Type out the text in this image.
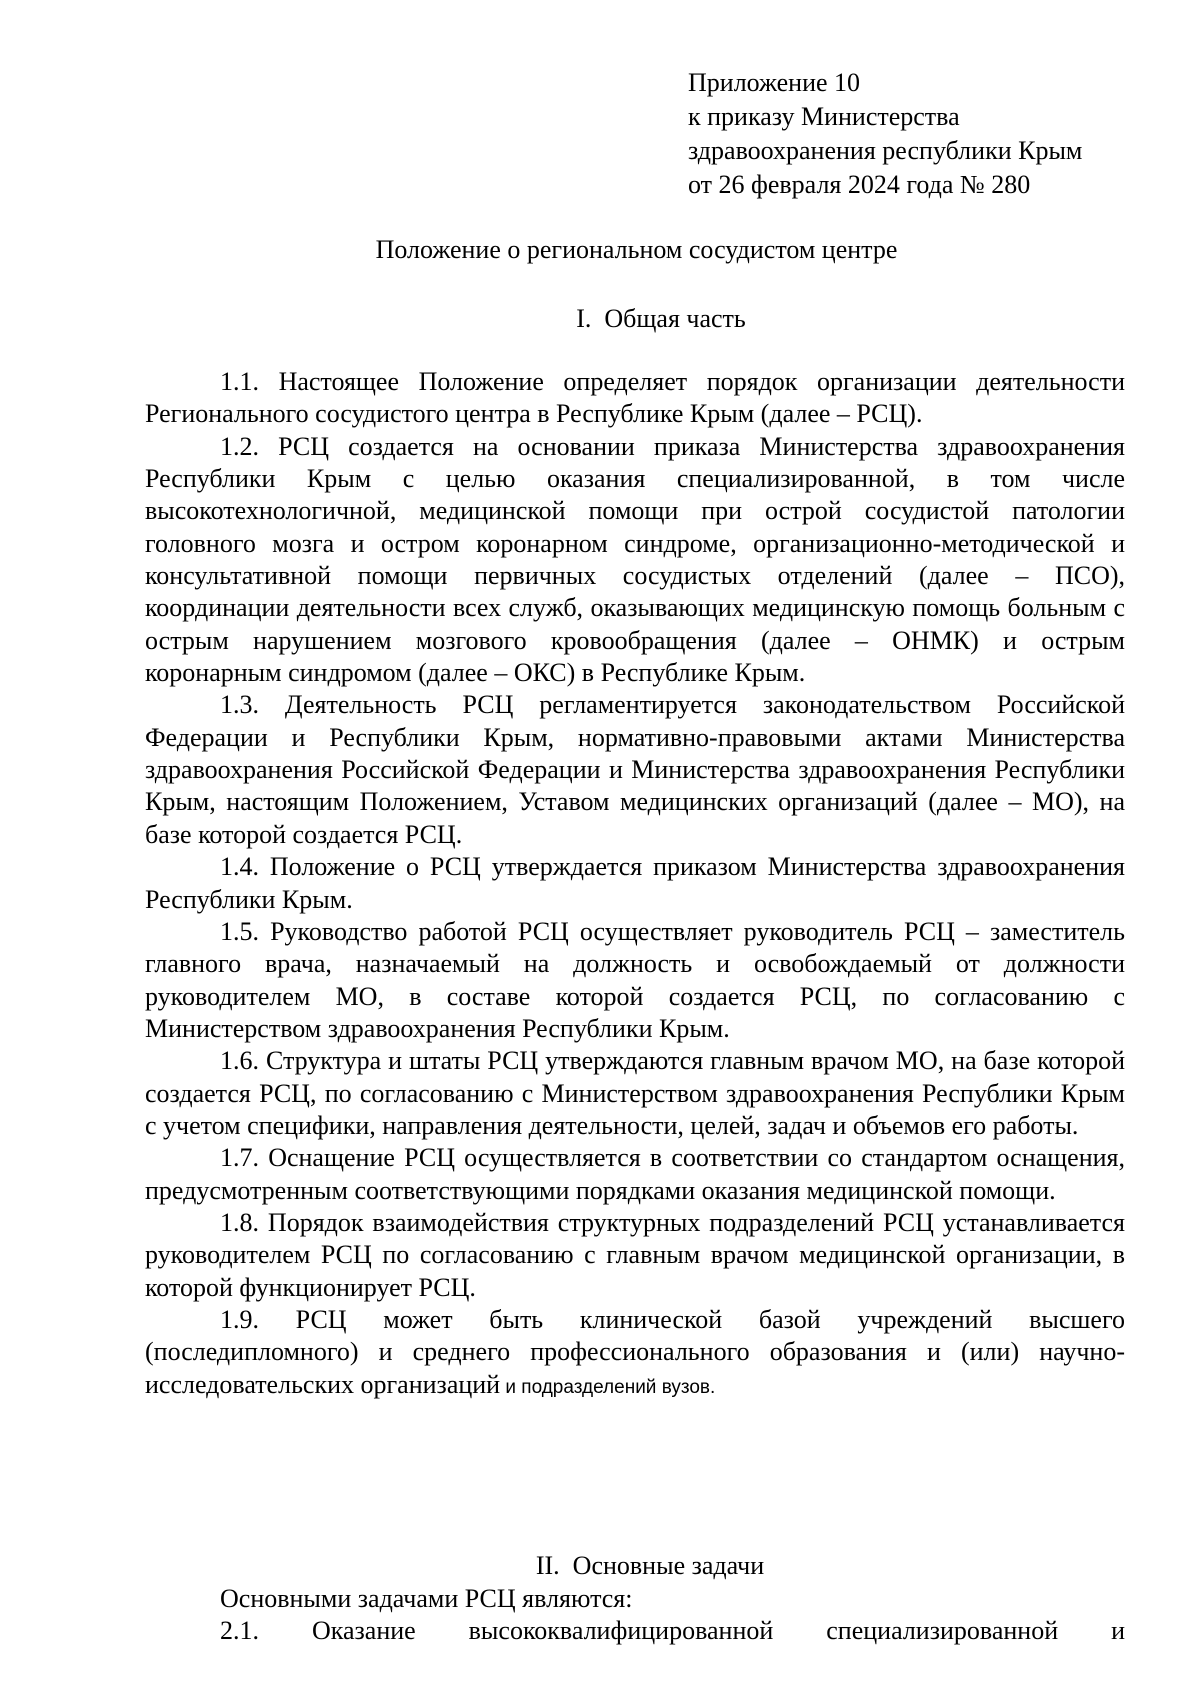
Приложение 10
к приказу Министерства
здравоохранения республики Крым
от 26 февраля 2024 года № 280
Положение о региональном сосудистом центре
I.  Общая часть

1.1. Настоящее Положение определяет порядок организации деятельности Регионального сосудистого центра в Республике Крым (далее – РСЦ).

1.2. РСЦ создается на основании приказа Министерства здравоохранения Республики Крым с целью оказания специализированной, в том числе высокотехнологичной, медицинской помощи при острой сосудистой патологии головного мозга и остром коронарном синдроме, организационно-методической и консультативной помощи первичных сосудистых отделений (далее – ПСО), координации деятельности всех служб, оказывающих медицинскую помощь больным с острым нарушением мозгового кровообращения (далее – ОНМК) и острым коронарным синдромом (далее – ОКС) в Республике Крым.

1.3. Деятельность РСЦ регламентируется законодательством Российской Федерации и Республики Крым, нормативно-правовыми актами Министерства здравоохранения Российской Федерации и Министерства здравоохранения Республики Крым, настоящим Положением, Уставом медицинских организаций (далее – МО), на базе которой создается РСЦ.

1.4. Положение о РСЦ утверждается приказом Министерства здравоохранения Республики Крым.

1.5. Руководство работой РСЦ осуществляет руководитель РСЦ – заместитель главного врача, назначаемый на должность и освобождаемый от должности руководителем МО, в составе которой создается РСЦ, по согласованию с Министерством здравоохранения Республики Крым.

1.6. Структура и штаты РСЦ утверждаются главным врачом МО, на базе которой создается РСЦ, по согласованию с Министерством здравоохранения Республики Крым с учетом специфики, направления деятельности, целей, задач и объемов его работы.

1.7. Оснащение РСЦ осуществляется в соответствии со стандартом оснащения, предусмотренным соответствующими порядками оказания медицинской помощи.

1.8. Порядок взаимодействия структурных подразделений РСЦ устанавливается руководителем РСЦ по согласованию с главным врачом медицинской организации, в которой функционирует РСЦ.

1.9. РСЦ может быть клинической базой учреждений высшего (последипломного) и среднего профессионального образования и (или) научно-исследовательских организаций и подразделений вузов.

II.  Основные задачи
Основными задачами РСЦ являются:

2.1. Оказание высококвалифицированной специализированной и
